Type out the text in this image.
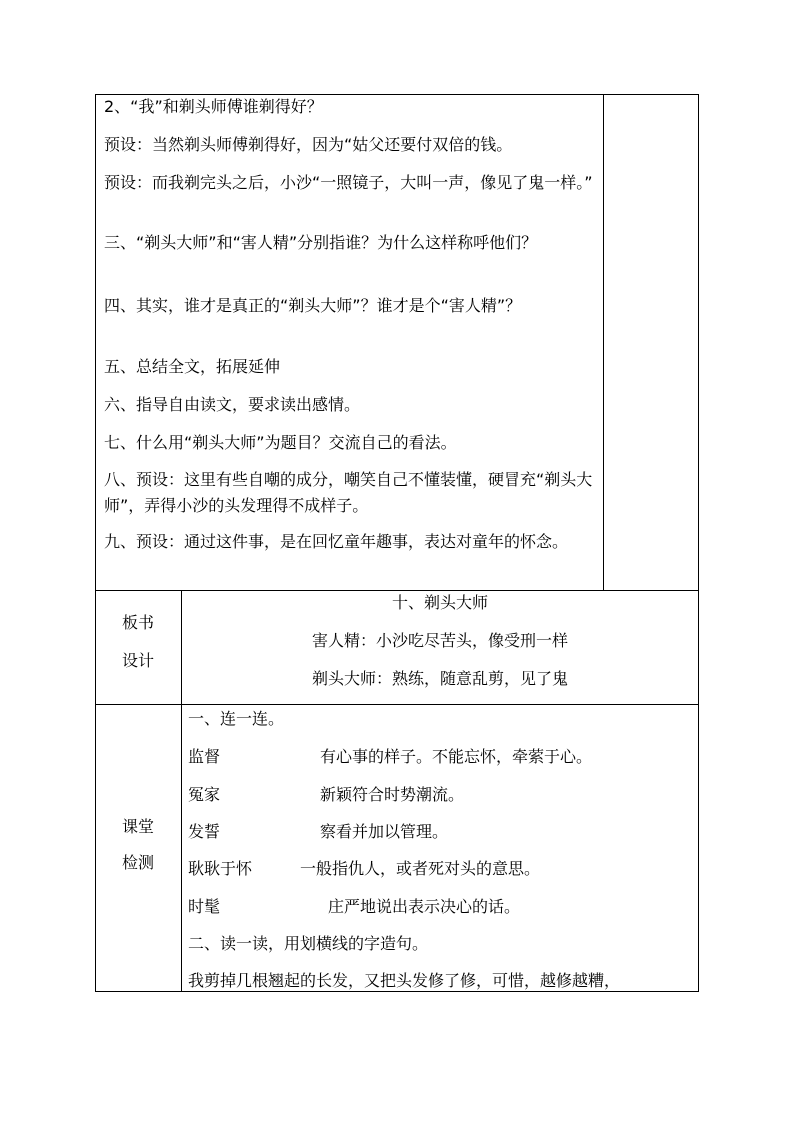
2、“我”和剃头师傅谁剃得好？
预设：当然剃头师傅剃得好，因为“姑父还要付双倍的钱。
预设：而我剃完头之后，小沙“一照镜子，大叫一声，像见了鬼一样。”
三、“剃头大师”和“害人精”分别指谁？为什么这样称呼他们？
四、其实，谁才是真正的“剃头大师”？谁才是个“害人精”？
五、总结全文，拓展延伸
六、指导自由读文，要求读出感情。
七、什么用“剃头大师”为题目？交流自己的看法。
八、预设：这里有些自嘲的成分，嘲笑自己不懂装懂，硬冒充“剃头大师”，弄得小沙的头发理得不成样子。
九、预设：通过这件事，是在回忆童年趣事，表达对童年的怀念。
板书
设计
十、剃头大师
害人精：小沙吃尽苦头，像受刑一样
剃头大师：熟练，随意乱剪，见了鬼
课堂
检测
一、连一连。
监督	有心事的样子。不能忘怀，牵萦于心。
冤家	新颖符合时势潮流。
发誓	察看并加以管理。
耿耿于怀	一般指仇人，或者死对头的意思。
时髦	庄严地说出表示决心的话。
二、读一读，用划横线的字造句。
我剪掉几根翘起的长发，又把头发修了修，可惜，越修越糟，
